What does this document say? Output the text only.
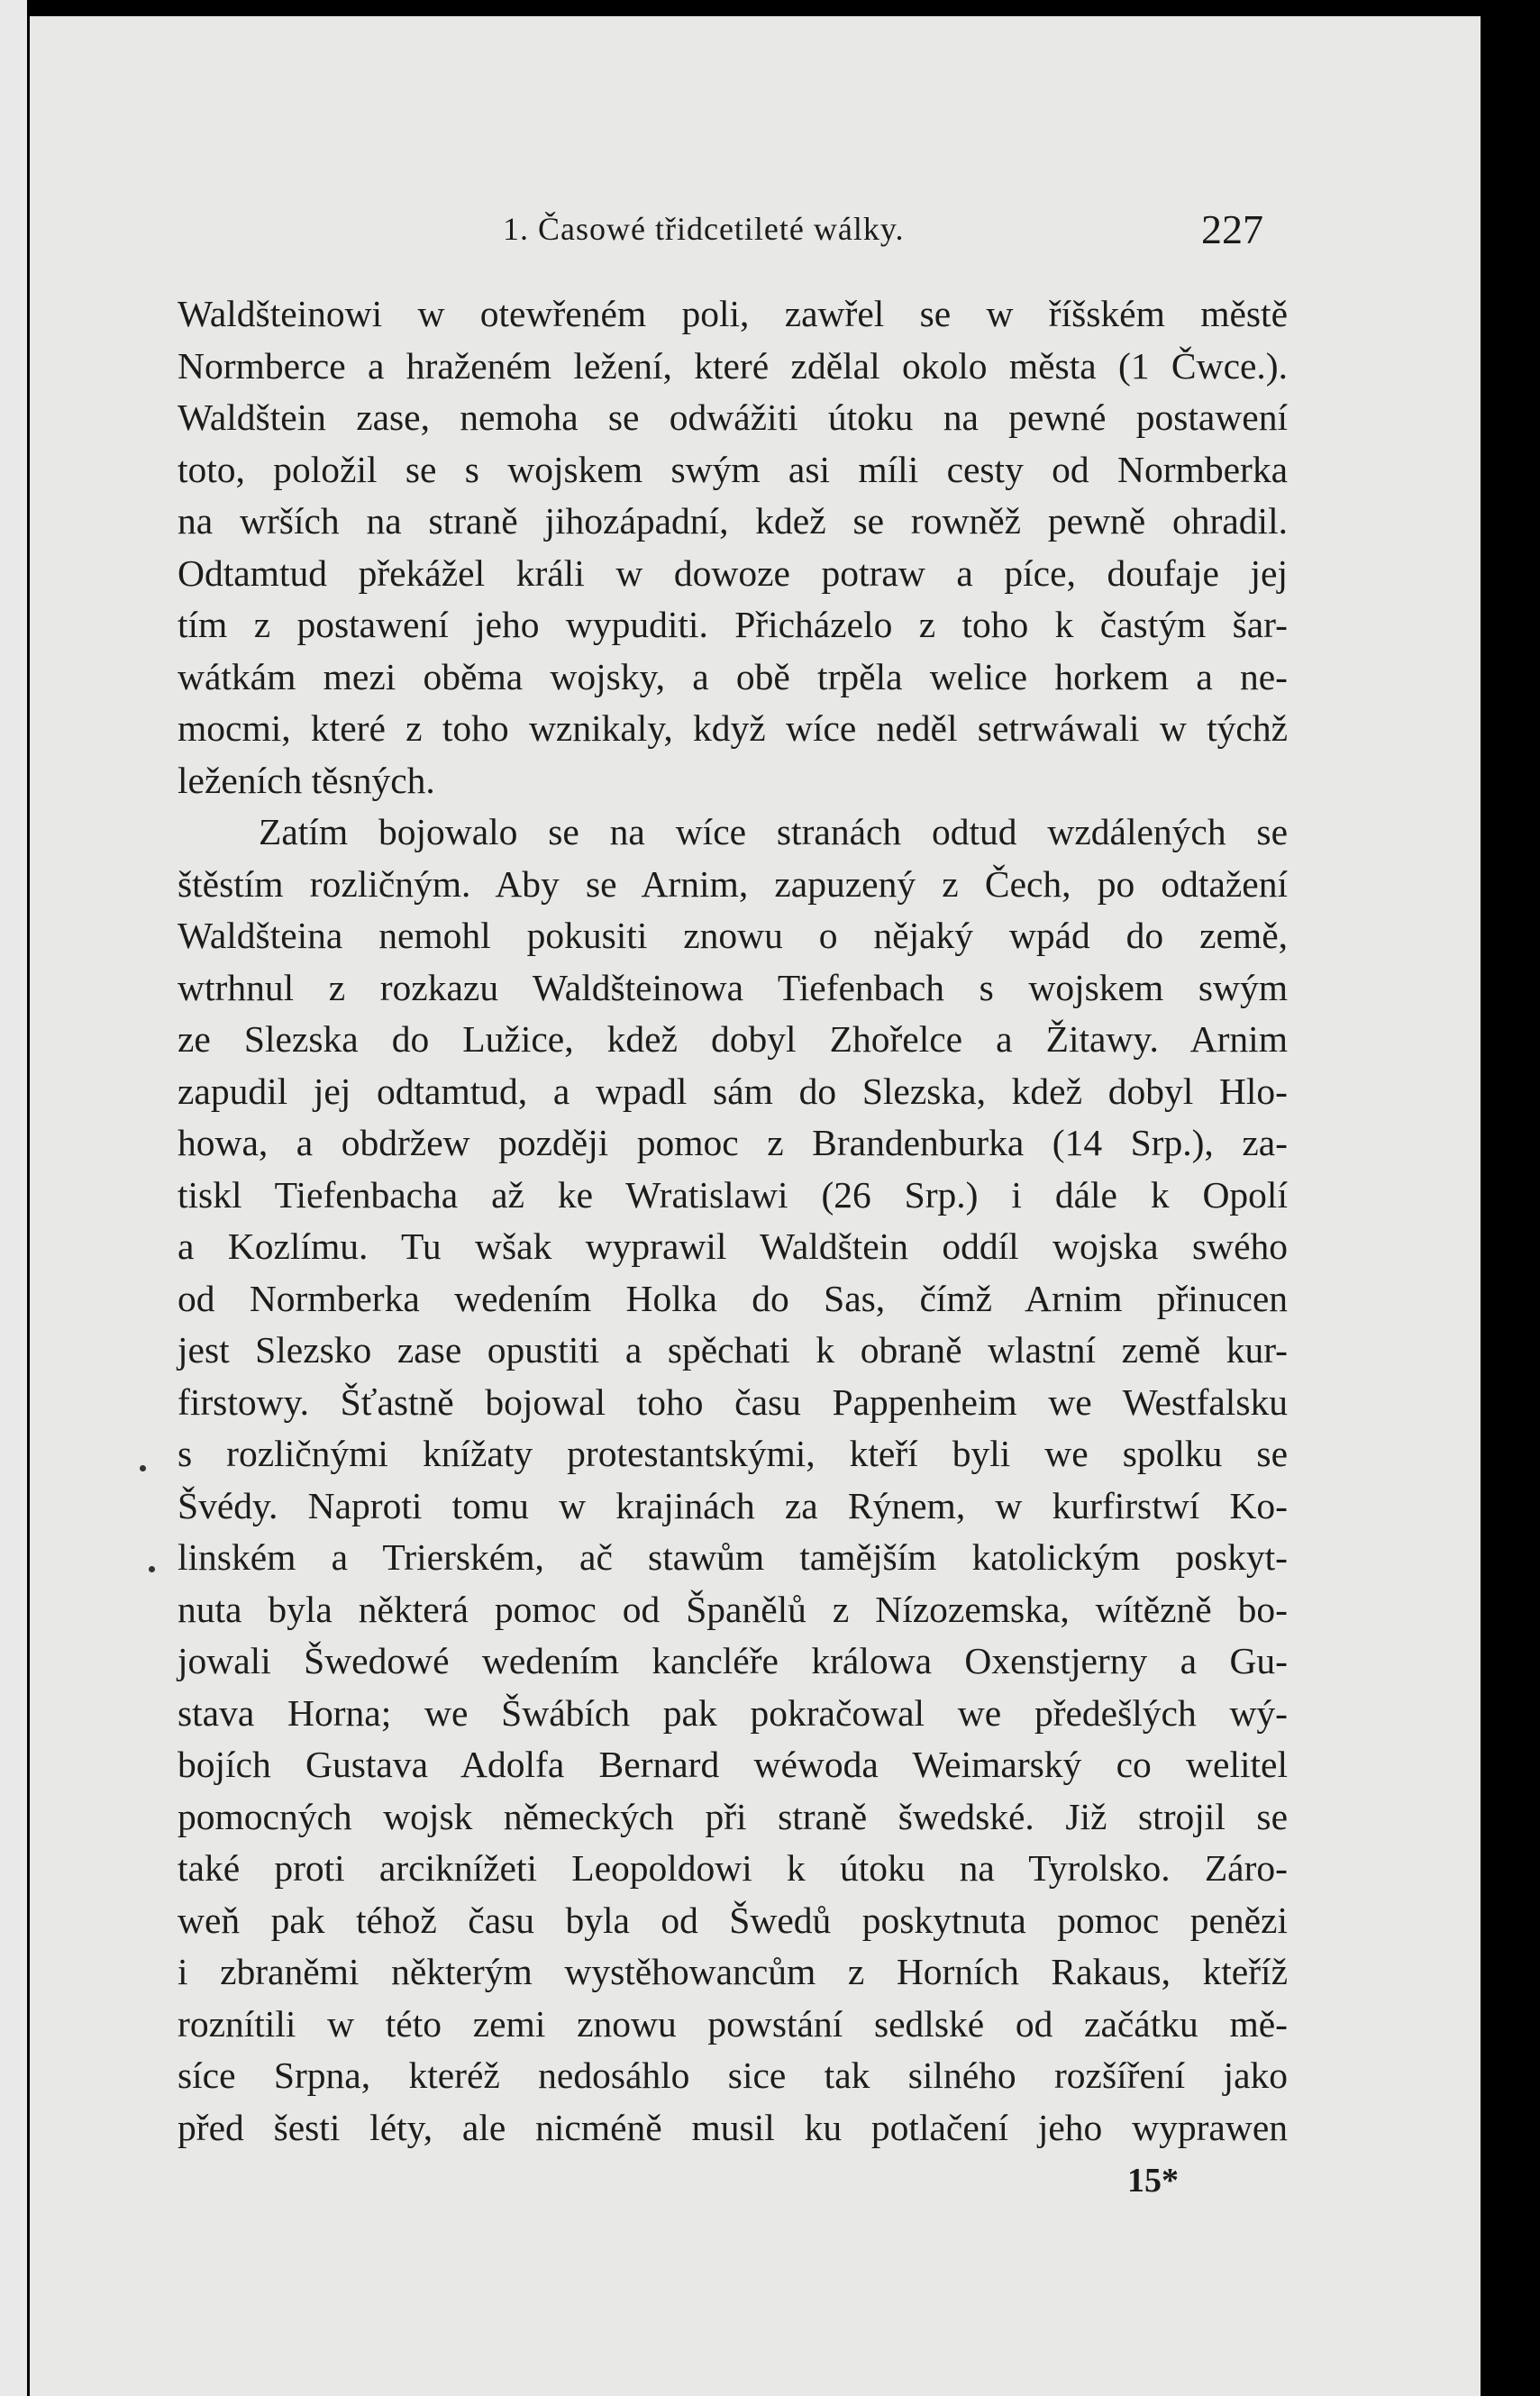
1. Časowé třidcetileté wálky.	227
Waldšteinowi w otewřeném poli, zawřel se w říšském městě
Normberce a hraženém ležení, které zdělal okolo města (1 Čwce.).
Waldštein zase, nemoha se odwážiti útoku na pewné postawení
toto, položil se s wojskem swým asi míli cesty od Normberka
na wrších na straně jihozápadní, kdež se rowněž pewně ohradil.
Odtamtud překážel králi w dowoze potraw a píce, doufaje jej
tím z postawení jeho wypuditi. Přicházelo z toho k častým šar-
wátkám mezi oběma wojsky, a obě trpěla welice horkem a ne-
mocmi, které z toho wznikaly, když wíce neděl setrwáwali w týchž
leženích těsných.
Zatím bojowalo se na wíce stranách odtud wzdálených se
štěstím rozličným. Aby se Arnim, zapuzený z Čech, po odtažení
Waldšteina nemohl pokusiti znowu o nějaký wpád do země,
wtrhnul z rozkazu Waldšteinowa Tiefenbach s wojskem swým
ze Slezska do Lužice, kdež dobyl Zhořelce a Žitawy. Arnim
zapudil jej odtamtud, a wpadl sám do Slezska, kdež dobyl Hlo-
howa, a obdržew později pomoc z Brandenburka (14 Srp.), za-
tiskl Tiefenbacha až ke Wratislawi (26 Srp.) i dále k Opolí
a Kozlímu. Tu wšak wyprawil Waldštein oddíl wojska swého
od Normberka wedením Holka do Sas, čímž Arnim přinucen
jest Slezsko zase opustiti a spěchati k obraně wlastní země kur-
firstowy. Šťastně bojowal toho času Pappenheim we Westfalsku
s rozličnými knížaty protestantskými, kteří byli we spolku se
Švédy. Naproti tomu w krajinách za Rýnem, w kurfirstwí Ko-
linském a Trierském, ač stawům tamějším katolickým poskyt-
nuta byla některá pomoc od Španělů z Nízozemska, wítězně bo-
jowali Šwedowé wedením kancléře králowa Oxenstjerny a Gu-
stava Horna; we Šwábích pak pokračowal we předešlých wý-
bojích Gustava Adolfa Bernard wéwoda Weimarský co welitel
pomocných wojsk německých při straně šwedské. Již strojil se
také proti arciknížeti Leopoldowi k útoku na Tyrolsko. Záro-
weň pak téhož času byla od Šwedů poskytnuta pomoc penězi
i zbraněmi některým wystěhowancům z Horních Rakaus, kteříž
roznítili w této zemi znowu powstání sedlské od začátku mě-
síce Srpna, kteréž nedosáhlo sice tak silného rozšíření jako
před šesti léty, ale nicméně musil ku potlačení jeho wyprawen
15*
